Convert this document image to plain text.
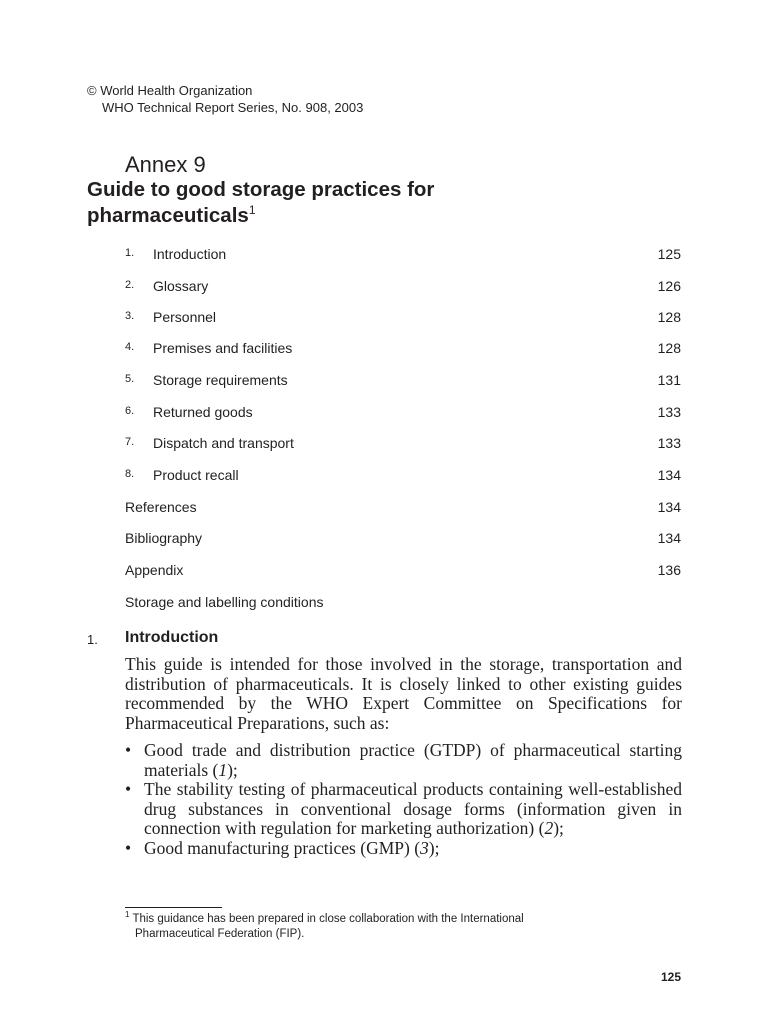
© World Health Organization
WHO Technical Report Series, No. 908, 2003
Annex 9
Guide to good storage practices for
pharmaceuticals$^1$
1. Introduction	125
2. Glossary	126
3. Personnel	128
4. Premises and facilities	128
5. Storage requirements	131
6. Returned goods	133
7. Dispatch and transport	133
8. Product recall	134
References	134
Bibliography	134
Appendix	136
Storage and labelling conditions
1. Introduction

This guide is intended for those involved in the storage, transportation and distribution of pharmaceuticals. It is closely linked to other existing guides recommended by the WHO Expert Committee on Specifications for Pharmaceutical Preparations, such as:

• Good trade and distribution practice (GTDP) of pharmaceutical starting materials (1);
• The stability testing of pharmaceutical products containing well-established drug substances in conventional dosage forms (information given in connection with regulation for marketing authorization) (2);
• Good manufacturing practices (GMP) (3);
$^1$ This guidance has been prepared in close collaboration with the International
Pharmaceutical Federation (FIP).
125
